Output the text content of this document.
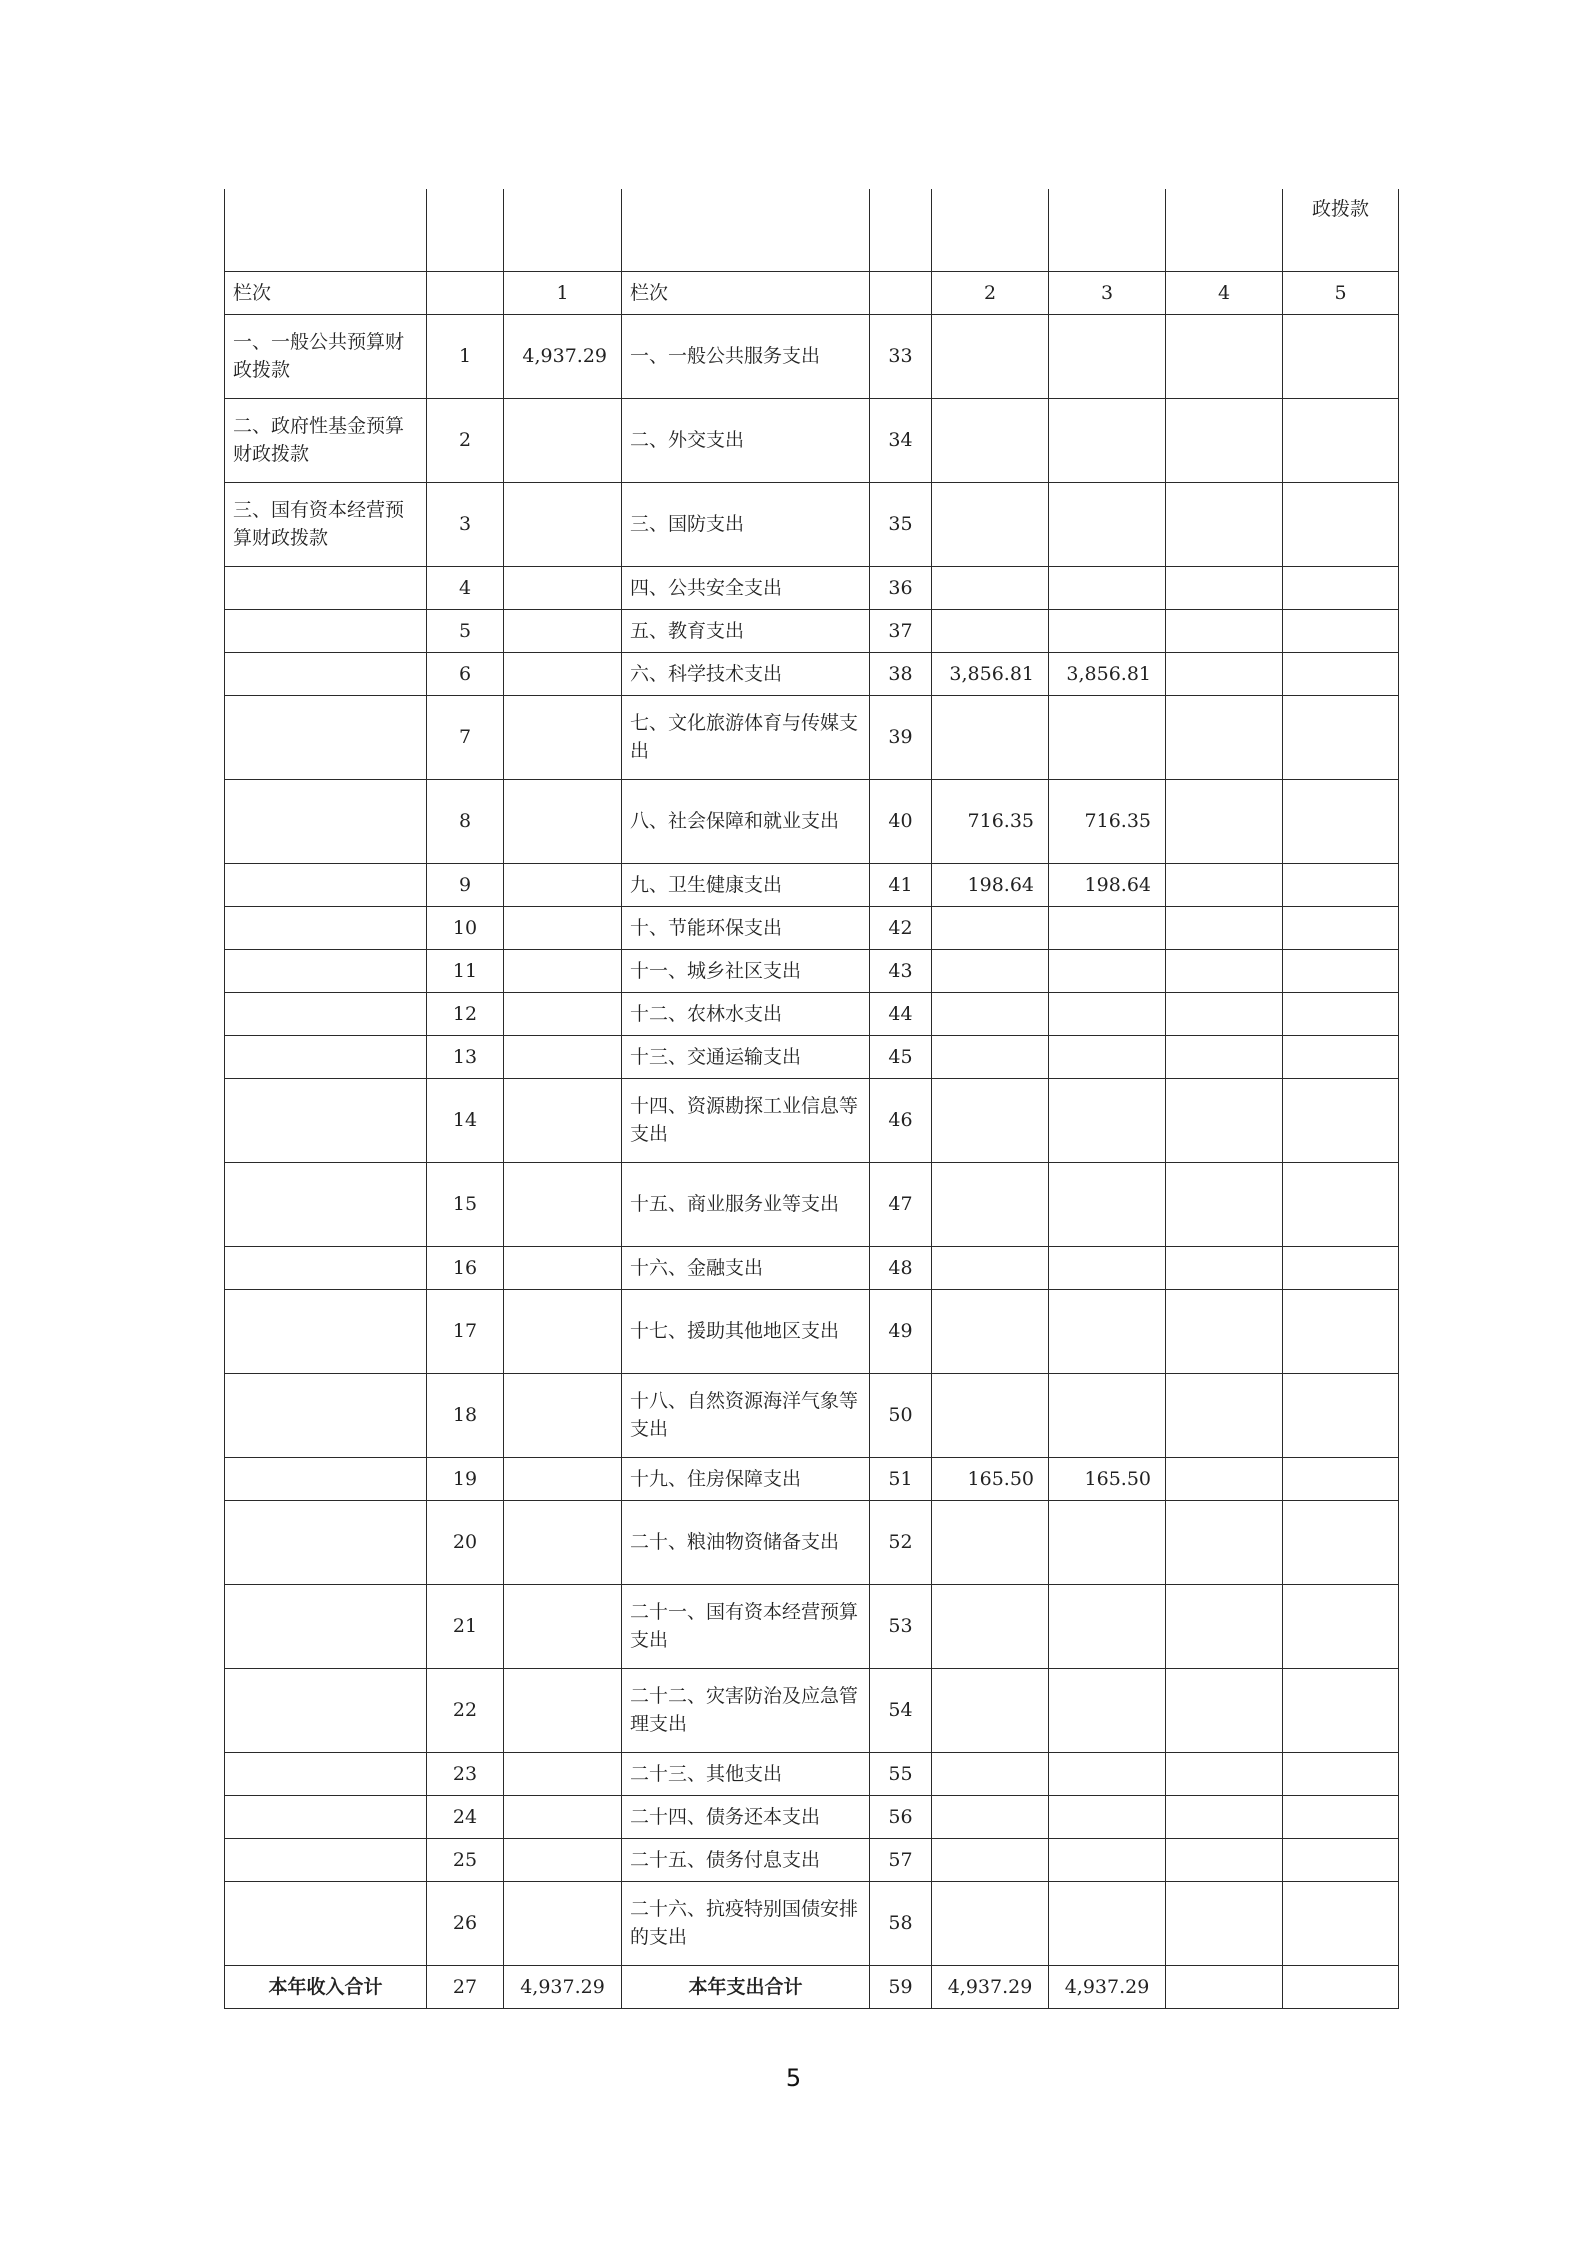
								政拨款
栏次		1	栏次		2	3	4	5
一、一般公共预算财政拨款	1	4,937.29	一、一般公共服务支出	33				
二、政府性基金预算财政拨款	2		二、外交支出	34				
三、国有资本经营预算财政拨款	3		三、国防支出	35				
	4		四、公共安全支出	36				
	5		五、教育支出	37				
	6		六、科学技术支出	38	3,856.81	3,856.81		
	7		七、文化旅游体育与传媒支出	39				
	8		八、社会保障和就业支出	40	716.35	716.35		
	9		九、卫生健康支出	41	198.64	198.64		
	10		十、节能环保支出	42				
	11		十一、城乡社区支出	43				
	12		十二、农林水支出	44				
	13		十三、交通运输支出	45				
	14		十四、资源勘探工业信息等支出	46				
	15		十五、商业服务业等支出	47				
	16		十六、金融支出	48				
	17		十七、援助其他地区支出	49				
	18		十八、自然资源海洋气象等支出	50				
	19		十九、住房保障支出	51	165.50	165.50		
	20		二十、粮油物资储备支出	52				
	21		二十一、国有资本经营预算支出	53				
	22		二十二、灾害防治及应急管理支出	54				
	23		二十三、其他支出	55				
	24		二十四、债务还本支出	56				
	25		二十五、债务付息支出	57				
	26		二十六、抗疫特别国债安排的支出	58				
本年收入合计	27	4,937.29	本年支出合计	59	4,937.29	4,937.29		
5
